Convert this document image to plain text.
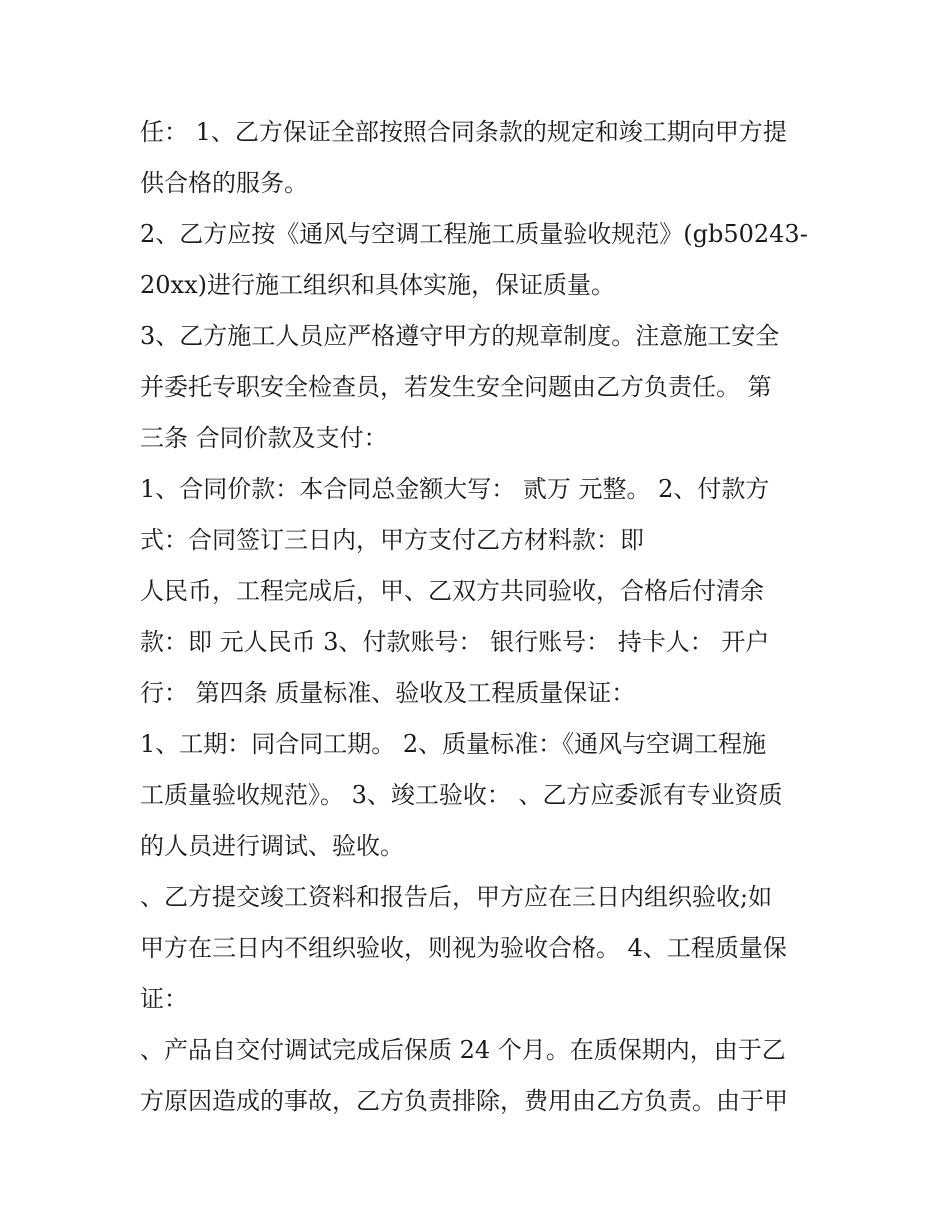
任： 1、乙方保证全部按照合同条款的规定和竣工期向甲方提
供合格的服务。
2、乙方应按《通风与空调工程施工质量验收规范》(gb50243-
20xx)进行施工组织和具体实施，保证质量。
3、乙方施工人员应严格遵守甲方的规章制度。注意施工安全
并委托专职安全检查员，若发生安全问题由乙方负责任。 第
三条 合同价款及支付：
1、合同价款：本合同总金额大写： 贰万 元整。 2、付款方
式：合同签订三日内，甲方支付乙方材料款：即
人民币，工程完成后，甲、乙双方共同验收，合格后付清余
款：即 元人民币 3、付款账号： 银行账号： 持卡人： 开户
行： 第四条 质量标准、验收及工程质量保证：
1、工期：同合同工期。 2、质量标准：《通风与空调工程施
工质量验收规范》。 3、竣工验收： 、乙方应委派有专业资质
的人员进行调试、验收。
、乙方提交竣工资料和报告后，甲方应在三日内组织验收;如
甲方在三日内不组织验收，则视为验收合格。 4、工程质量保
证：
、产品自交付调试完成后保质 24 个月。在质保期内，由于乙
方原因造成的事故，乙方负责排除，费用由乙方负责。由于甲
